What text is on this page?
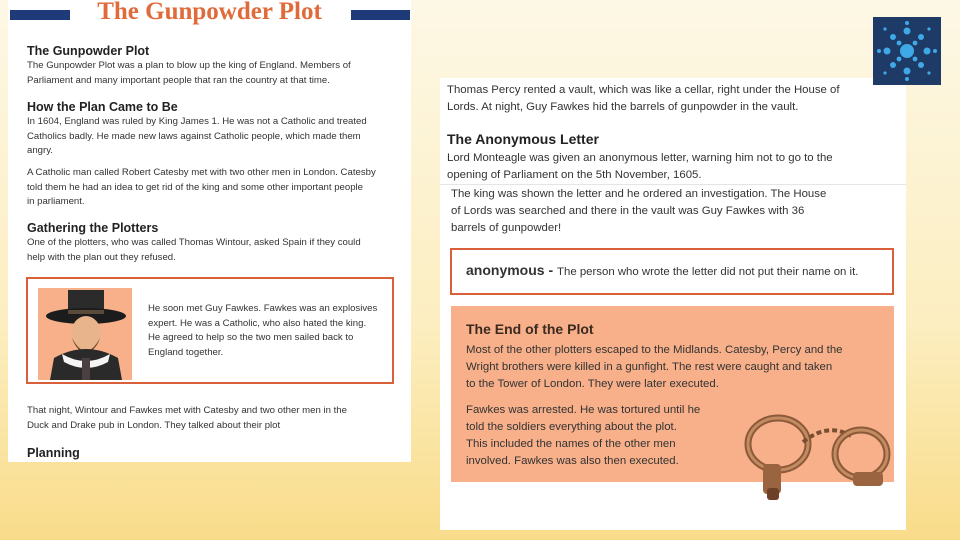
The Gunpowder Plot
The Gunpowder Plot
The Gunpowder Plot was a plan to blow up the king of England. Members of
Parliament and many important people that ran the country at that time.
How the Plan Came to Be
In 1604, England was ruled by King James 1. He was not a Catholic and treated
Catholics badly. He made new laws against Catholic people, which made them
angry.
A Catholic man called Robert Catesby met with two other men in London. Catesby
told them he had an idea to get rid of the king and some other important people
in parliament.
Gathering the Plotters
One of the plotters, who was called Thomas Wintour, asked Spain if they could
help with the plan out they refused.
He soon met Guy Fawkes. Fawkes was an explosives
expert. He was a Catholic, who also hated the king.
He agreed to help so the two men sailed back to
England together.
That night, Wintour and Fawkes met with Catesby and two other men in the
Duck and Drake pub in London. They talked about their plot
Planning
Thomas Percy rented a vault, which was like a cellar, right under the House of
Lords. At night, Guy Fawkes hid the barrels of gunpowder in the vault.
The Anonymous Letter
Lord Monteagle was given an anonymous letter, warning him not to go to the
opening of Parliament on the 5th November, 1605.
The king was shown the letter and he ordered an investigation. The House
of Lords was searched and there in the vault was Guy Fawkes with 36
barrels of gunpowder!
anonymous - The person who wrote the letter did not put their name on it.
The End of the Plot
Most of the other plotters escaped to the Midlands. Catesby, Percy and the
Wright brothers were killed in a gunfight. The rest were caught and taken
to the Tower of London. They were later executed.
Fawkes was arrested. He was tortured until he
told the soldiers everything about the plot.
This included the names of the other men
involved. Fawkes was also then executed.
